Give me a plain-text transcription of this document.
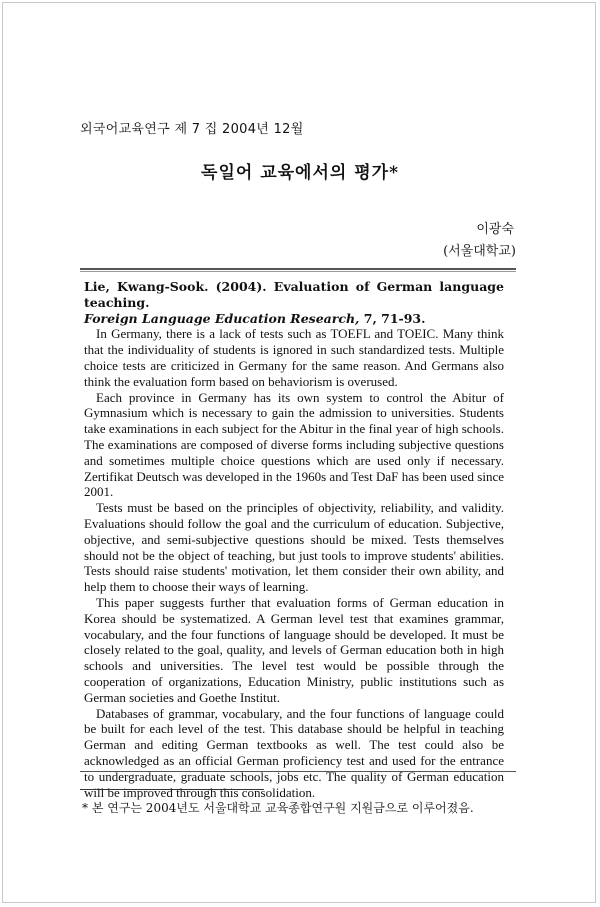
외국어교육연구 제 7 집 2004년 12월
독일어 교육에서의 평가*
이광숙
(서울대학교)
Lie, Kwang-Sook. (2004). Evaluation of German language teaching.
Foreign Language Education Research, 7, 71-93.

In Germany, there is a lack of tests such as TOEFL and TOEIC. Many think that the individuality of students is ignored in such standardized tests. Multiple choice tests are criticized in Germany for the same reason. And Germans also think the evaluation form based on behaviorism is overused.

Each province in Germany has its own system to control the Abitur of Gymnasium which is necessary to gain the admission to universities. Students take examinations in each subject for the Abitur in the final year of high schools. The examinations are composed of diverse forms including subjective questions and sometimes multiple choice questions which are used only if necessary. Zertifikat Deutsch was developed in the 1960s and Test DaF has been used since 2001.

Tests must be based on the principles of objectivity, reliability, and validity. Evaluations should follow the goal and the curriculum of education. Subjective, objective, and semi-subjective questions should be mixed. Tests themselves should not be the object of teaching, but just tools to improve students' abilities. Tests should raise students' motivation, let them consider their own ability, and help them to choose their ways of learning.

This paper suggests further that evaluation forms of German education in Korea should be systematized. A German level test that examines grammar, vocabulary, and the four functions of language should be developed. It must be closely related to the goal, quality, and levels of German education both in high schools and universities. The level test would be possible through the cooperation of organizations, Education Ministry, public institutions such as German societies and Goethe Institut.

Databases of grammar, vocabulary, and the four functions of language could be built for each level of the test. This database should be helpful in teaching German and editing German textbooks as well. The test could also be acknowledged as an official German proficiency test and used for the entrance to undergraduate, graduate schools, jobs etc. The quality of German education will be improved through this consolidation.

* 본 연구는 2004년도 서울대학교 교육종합연구원 지원금으로 이루어졌음.
